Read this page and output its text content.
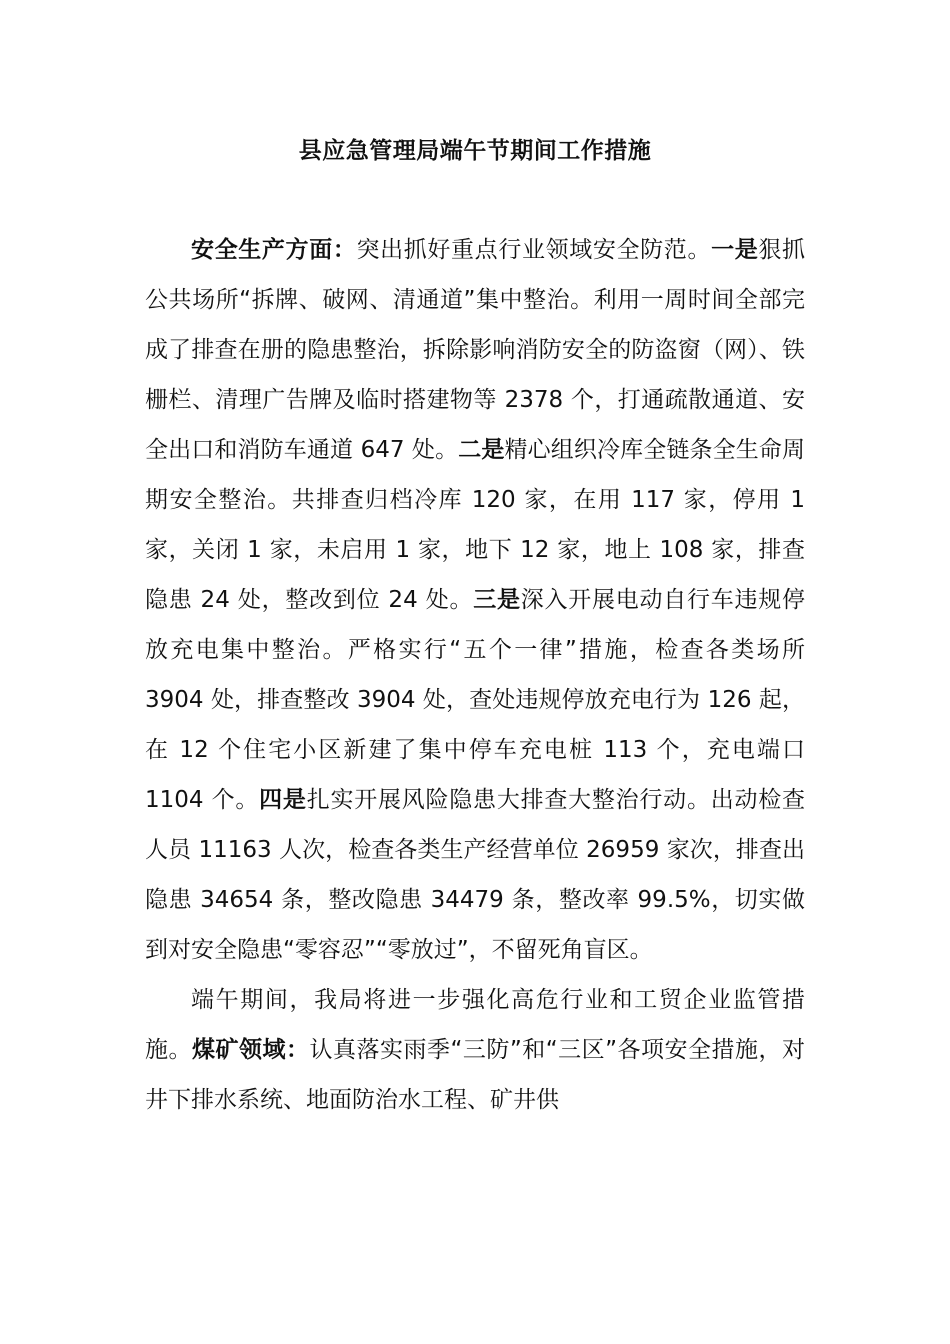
县应急管理局端午节期间工作措施

安全生产方面：突出抓好重点行业领域安全防范。一是狠抓公共场所“拆牌、破网、清通道”集中整治。利用一周时间全部完成了排查在册的隐患整治，拆除影响消防安全的防盗窗（网）、铁栅栏、清理广告牌及临时搭建物等 2378 个，打通疏散通道、安全出口和消防车通道 647 处。二是精心组织冷库全链条全生命周期安全整治。共排查归档冷库 120 家，在用 117 家，停用 1 家，关闭 1 家，未启用 1 家，地下 12 家，地上 108 家，排查隐患 24 处，整改到位 24 处。三是深入开展电动自行车违规停放充电集中整治。严格实行“五个一律”措施，检查各类场所 3904 处，排查整改 3904 处，查处违规停放充电行为 126 起，在 12 个住宅小区新建了集中停车充电桩 113 个，充电端口 1104 个。四是扎实开展风险隐患大排查大整治行动。出动检查人员 11163 人次，检查各类生产经营单位 26959 家次，排查出隐患 34654 条，整改隐患 34479 条，整改率 99.5%，切实做到对安全隐患“零容忍”“零放过”，不留死角盲区。

端午期间，我局将进一步强化高危行业和工贸企业监管措施。煤矿领域：认真落实雨季“三防”和“三区”各项安全措施，对井下排水系统、地面防治水工程、矿井供
